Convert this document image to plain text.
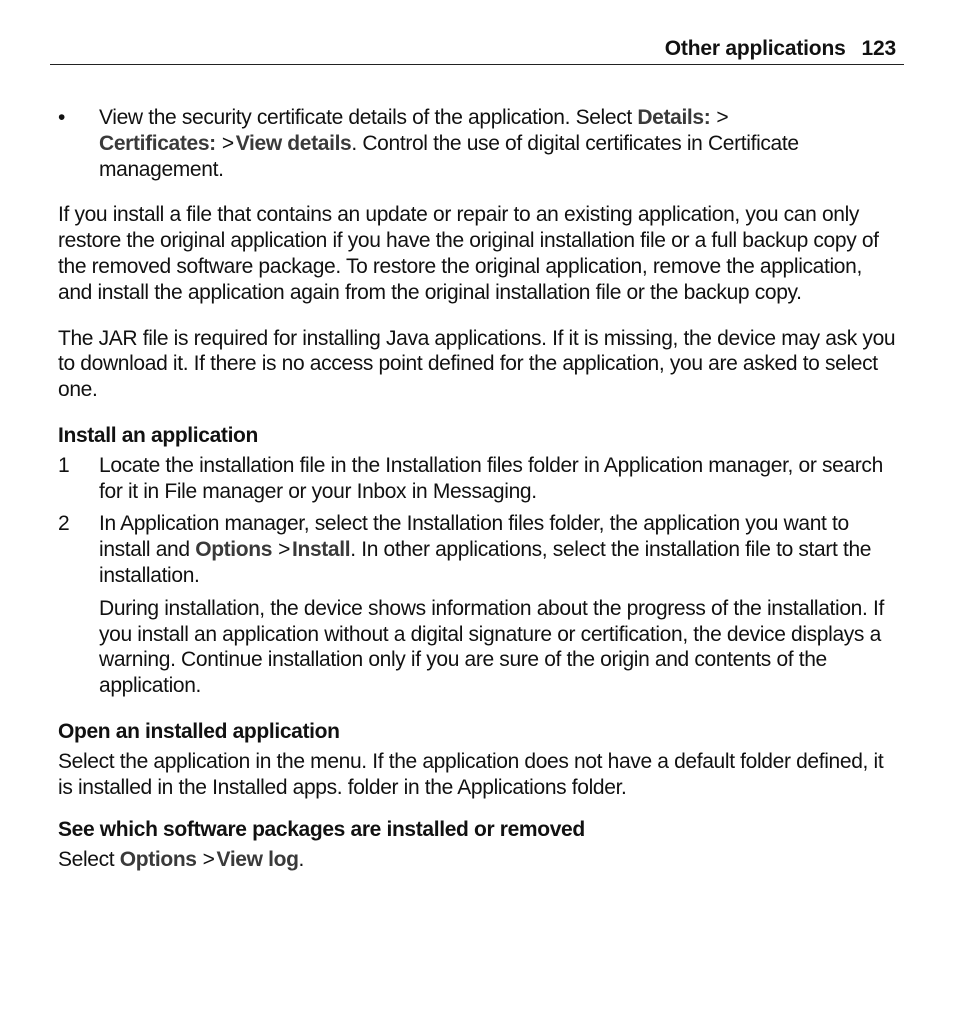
Other applications 123
• View the security certificate details of the application. Select Details: > Certificates: >View details. Control the use of digital certificates in Certificate management.

If you install a file that contains an update or repair to an existing application, you can only restore the original application if you have the original installation file or a full backup copy of the removed software package. To restore the original application, remove the application, and install the application again from the original installation file or the backup copy.

The JAR file is required for installing Java applications. If it is missing, the device may ask you to download it. If there is no access point defined for the application, you are asked to select one.

Install an application
1 Locate the installation file in the Installation files folder in Application manager, or search for it in File manager or your Inbox in Messaging.
2 In Application manager, select the Installation files folder, the application you want to install and Options >Install. In other applications, select the installation file to start the installation.
During installation, the device shows information about the progress of the installation. If you install an application without a digital signature or certification, the device displays a warning. Continue installation only if you are sure of the origin and contents of the application.
Open an installed application

Select the application in the menu. If the application does not have a default folder defined, it is installed in the Installed apps. folder in the Applications folder.

See which software packages are installed or removed

Select Options >View log.
